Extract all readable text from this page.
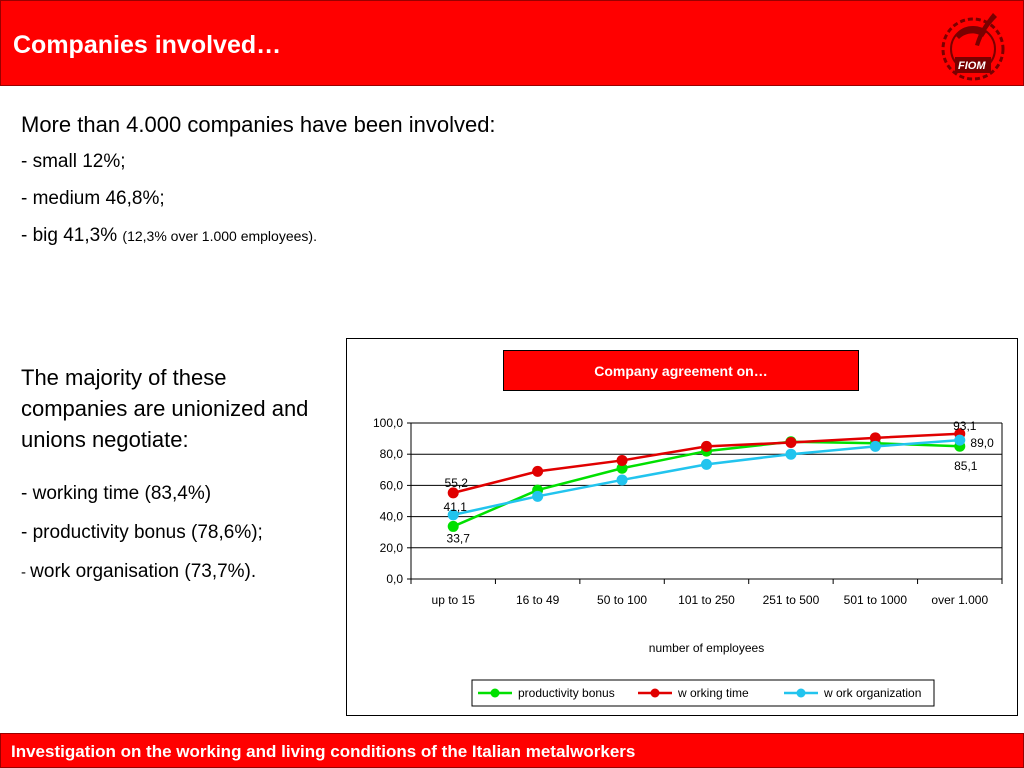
Companies involved…
FIOM
More than 4.000 companies have been involved:
- small 12%;
- medium 46,8%;
- big 41,3% (12,3% over 1.000 employees).
The majority of these companies are unionized and unions negotiate:
- working time (83,4%)
- productivity bonus (78,6%);
- work organisation (73,7%).
Company agreement on…
0,0
20,0
40,0
60,0
80,0
100,0
up to 15	16 to 49	50 to 100	101 to 250 251 to 500 501 to 1000 over 1.000
number of employees
33,7
85,1
55,2
93,1
41,1
89,0
productivity bonus	w orking time	w ork organization
Investigation on the working and living conditions of the Italian metalworkers
